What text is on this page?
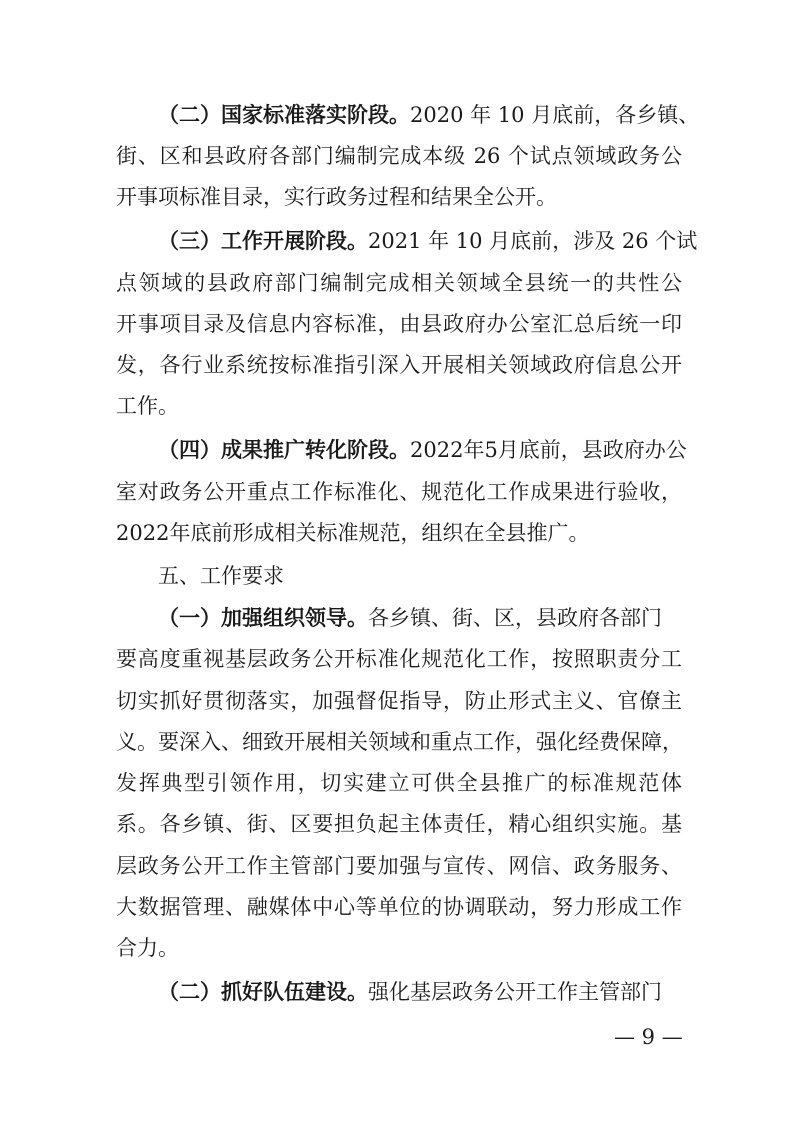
（二）国家标准落实阶段。2020 年 10 月底前，各乡镇、
街、区和县政府各部门编制完成本级 26 个试点领域政务公
开事项标准目录，实行政务过程和结果全公开。
（三）工作开展阶段。2021 年 10 月底前，涉及 26 个试
点领域的县政府部门编制完成相关领域全县统一的共性公
开事项目录及信息内容标准，由县政府办公室汇总后统一印
发，各行业系统按标准指引深入开展相关领域政府信息公开
工作。
（四）成果推广转化阶段。2022年5月底前，县政府办公
室对政务公开重点工作标准化、规范化工作成果进行验收，
2022年底前形成相关标准规范，组织在全县推广。
五、工作要求
（一）加强组织领导。各乡镇、街、区，县政府各部门
要高度重视基层政务公开标准化规范化工作，按照职责分工
切实抓好贯彻落实，加强督促指导，防止形式主义、官僚主
义。要深入、细致开展相关领域和重点工作，强化经费保障，
发挥典型引领作用，切实建立可供全县推广的标准规范体
系。各乡镇、街、区要担负起主体责任，精心组织实施。基
层政务公开工作主管部门要加强与宣传、网信、政务服务、
大数据管理、融媒体中心等单位的协调联动，努力形成工作
合力。
（二）抓好队伍建设。强化基层政务公开工作主管部门
— 9 —
